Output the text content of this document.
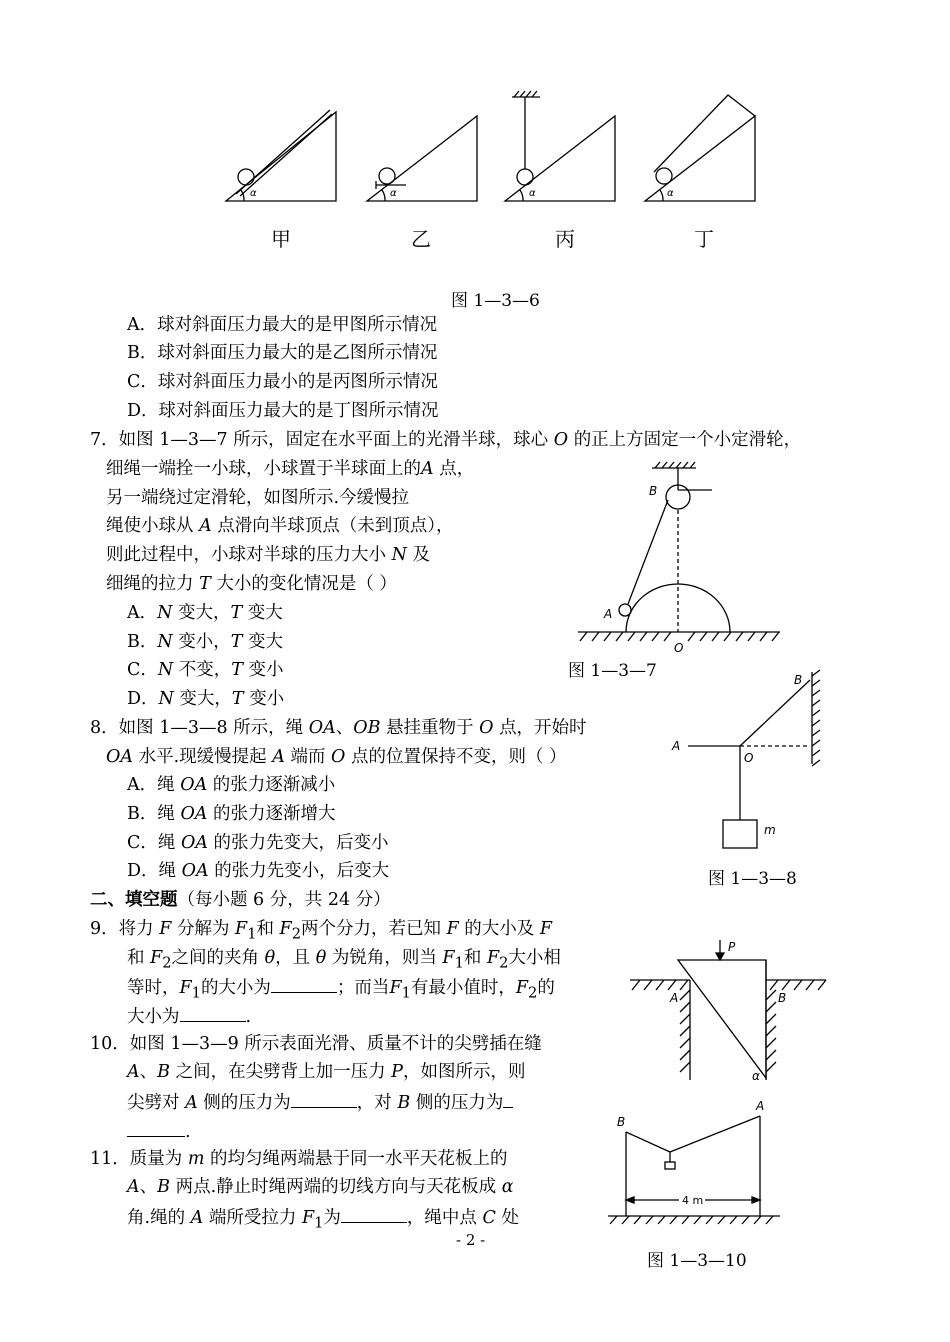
α	α	α	α
甲	乙	丙	丁
图 1—3—6
A．球对斜面压力最大的是甲图所示情况
B．球对斜面压力最大的是乙图所示情况
C．球对斜面压力最小的是丙图所示情况
D．球对斜面压力最大的是丁图所示情况
7．如图 1—3—7 所示，固定在水平面上的光滑半球，球心 O 的正上方固定一个小定滑轮，
细绳一端拴一小球，小球置于半球面上的A 点，
另一端绕过定滑轮，如图所示.今缓慢拉
绳使小球从 A 点滑向半球顶点（未到顶点），
则此过程中，小球对半球的压力大小 N 及
细绳的拉力 T 大小的变化情况是（ ）
A．N 变大，T 变大
B．N 变小，T 变大
C．N 不变，T 变小
D．N 变大，T 变小
B
A
O
图 1—3—7
8．如图 1—3—8 所示，绳 OA、OB 悬挂重物于 O 点，开始时
OA 水平.现缓慢提起 A 端而 O 点的位置保持不变，则（ ）
A．绳 OA 的张力逐渐减小
B．绳 OA 的张力逐渐增大
C．绳 OA 的张力先变大，后变小
D．绳 OA 的张力先变小，后变大
B
A
O
m
图 1—3—8
二、填空题（每小题 6 分，共 24 分）
9．将力 F 分解为 $F_1$和 $F_2$两个分力，若已知 F 的大小及 F
和 $F_2$之间的夹角 θ，且 θ 为锐角，则当 $F_1$和 $F_2$大小相
等时，$F_1$的大小为	；而当$F_1$有最小值时，$F_2$的
大小为	.
10．如图 1—3—9 所示表面光滑、质量不计的尖劈插在缝
A、B 之间，在尖劈背上加一压力 P，如图所示，则
尖劈对 A 侧的压力为	，对 B 侧的压力为
.
P
A	B
α
11．质量为 m 的均匀绳两端悬于同一水平天花板上的
A、B 两点.静止时绳两端的切线方向与天花板成 α
角.绳的 A 端所受拉力 $F_1$为	，绳中点 C 处
B
A
4 m
- 2 -
图 1—3—10
